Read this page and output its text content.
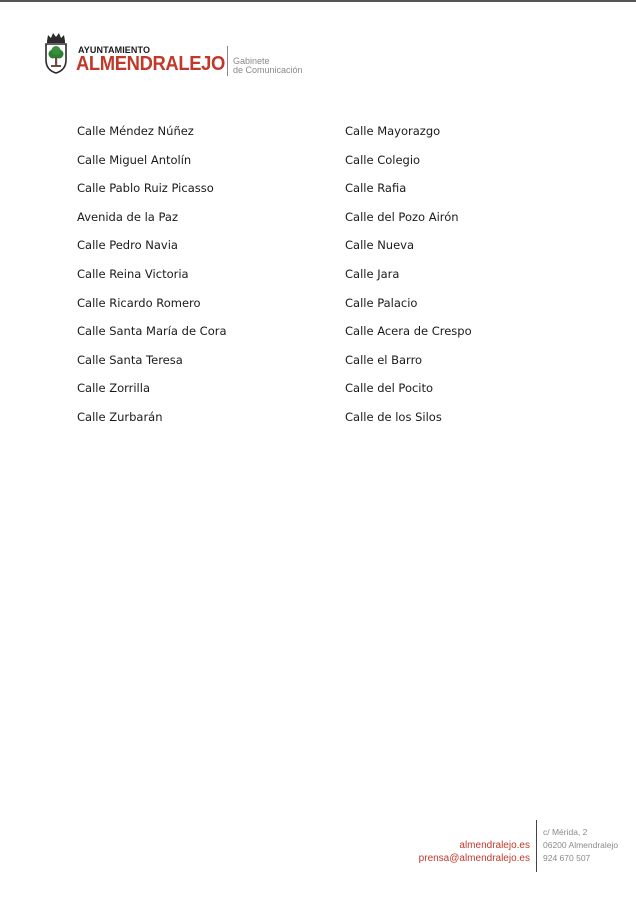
AYUNTAMIENTO
ALMENDRALEJO Gabinete
de Comunicación
Calle Méndez Núñez
Calle Miguel Antolín
Calle Pablo Ruiz Picasso
Avenida de la Paz
Calle Pedro Navia
Calle Reina Victoria
Calle Ricardo Romero
Calle Santa María de Cora
Calle Santa Teresa
Calle Zorrilla
Calle Zurbarán
Calle Mayorazgo
Calle Colegio
Calle Rafia
Calle del Pozo Airón
Calle Nueva
Calle Jara
Calle Palacio
Calle Acera de Crespo
Calle el Barro
Calle del Pocito
Calle de los Silos
almendralejo.es
prensa@almendralejo.es
c/ Mérida, 2
06200 Almendralejo
924 670 507
